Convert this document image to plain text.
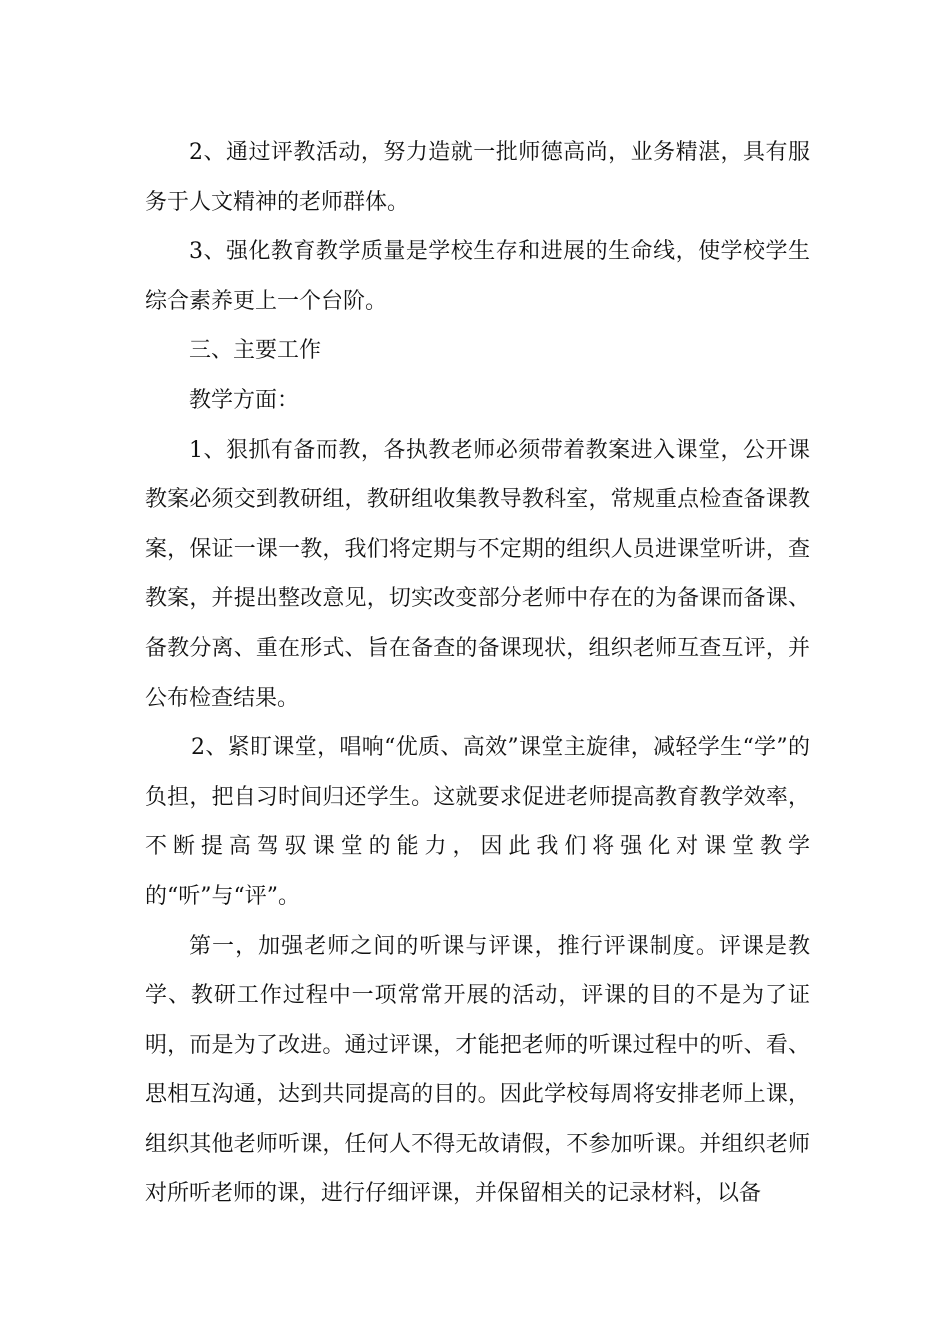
2、通过评教活动，努力造就一批师德高尚，业务精湛，具有服务于人文精神的老师群体。

3、强化教育教学质量是学校生存和进展的生命线，使学校学生综合素养更上一个台阶。

三、主要工作

教学方面：

1、狠抓有备而教，各执教老师必须带着教案进入课堂，公开课教案必须交到教研组，教研组收集教导教科室，常规重点检查备课教案，保证一课一教，我们将定期与不定期的组织人员进课堂听讲，查教案，并提出整改意见，切实改变部分老师中存在的为备课而备课、备教分离、重在形式、旨在备查的备课现状，组织老师互查互评，并公布检查结果。

2、紧盯课堂，唱响“优质、高效”课堂主旋律，减轻学生“学”的负担，把自习时间归还学生。这就要求促进老师提高教育教学效率，不断提高驾驭课堂的能力，因此我们将强化对课堂教学的“听”与“评”。

第一，加强老师之间的听课与评课，推行评课制度。评课是教学、教研工作过程中一项常常开展的活动，评课的目的不是为了证明，而是为了改进。通过评课，才能把老师的听课过程中的听、看、思相互沟通，达到共同提高的目的。因此学校每周将安排老师上课，组织其他老师听课，任何人不得无故请假，不参加听课。并组织老师对所听老师的课，进行仔细评课，并保留相关的记录材料，以备
